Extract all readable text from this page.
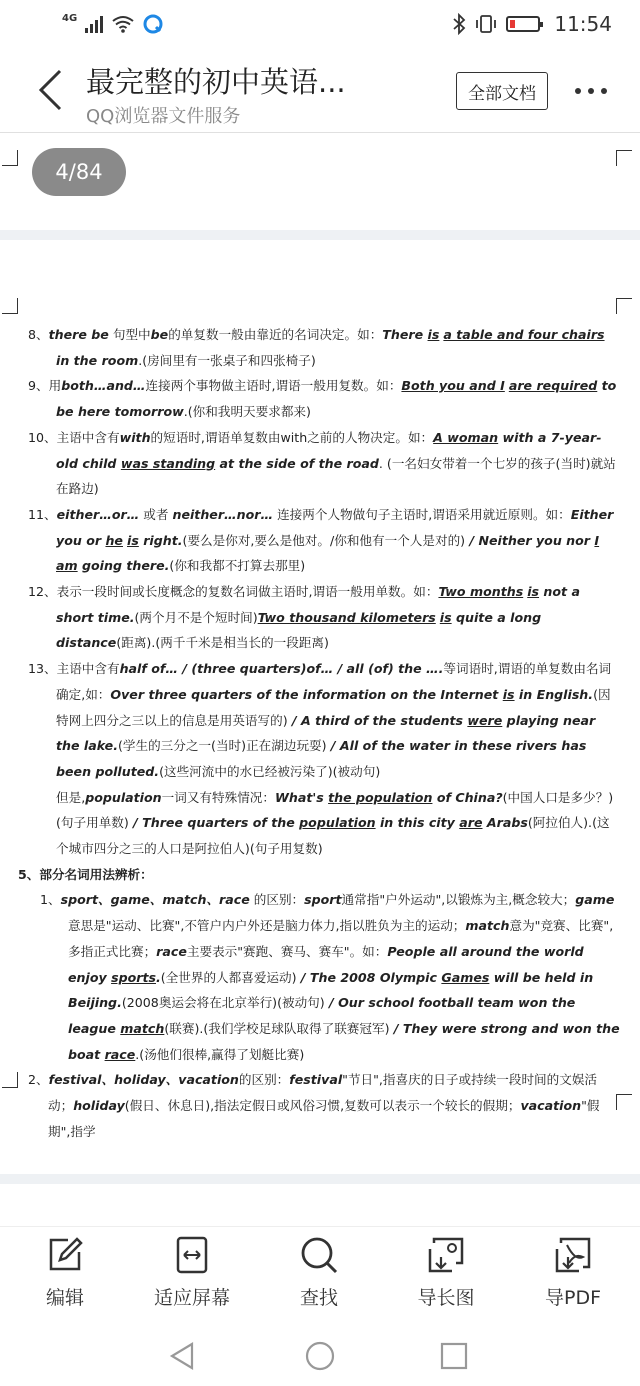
4G	11:54
最完整的初中英语...
QQ浏览器文件服务
全部文档
4/84

8、there be 句型中be的单复数一般由靠近的名词决定。如：There is a table and four chairs in the room.(房间里有一张桌子和四张椅子)

9、用both…and…连接两个事物做主语时,谓语一般用复数。如：Both you and I are required to be here tomorrow.(你和我明天要求都来)

10、主语中含有with的短语时,谓语单复数由with之前的人物决定。如：A woman with a 7-year-old child was standing at the side of the road. (一名妇女带着一个七岁的孩子(当时)就站在路边)

11、either…or… 或者 neither…nor… 连接两个人物做句子主语时,谓语采用就近原则。如：Either you or he is right.(要么是你对,要么是他对。/你和他有一个人是对的) / Neither you nor I am going there.(你和我都不打算去那里)

12、表示一段时间或长度概念的复数名词做主语时,谓语一般用单数。如：Two months is not a short time.(两个月不是个短时间)Two thousand kilometers is quite a long distance(距离).(两千千米是相当长的一段距离)

13、主语中含有half of… / (three quarters)of… / all (of) the ….等词语时,谓语的单复数由名词确定,如：Over three quarters of the information on the Internet is in English.(因特网上四分之三以上的信息是用英语写的) / A third of the students were playing near the lake.(学生的三分之一(当时)正在湖边玩耍) / All of the water in these rivers has been polluted.(这些河流中的水已经被污染了)(被动句)

但是,population一词又有特殊情况：What's the population of China?(中国人口是多少？)(句子用单数) / Three quarters of the population in this city are Arabs(阿拉伯人).(这个城市四分之三的人口是阿拉伯人)(句子用复数)

5、部分名词用法辨析：

1、sport、game、match、race 的区别：sport通常指"户外运动",以锻炼为主,概念较大；game意思是"运动、比赛",不管户内户外还是脑力体力,指以胜负为主的运动；match意为"竞赛、比赛",多指正式比赛；race主要表示"赛跑、赛马、赛车"。如：People all around the world enjoy sports.(全世界的人都喜爱运动) / The 2008 Olympic Games will be held in Beijing.(2008奥运会将在北京举行)(被动句) / Our school football team won the league match(联赛).(我们学校足球队取得了联赛冠军) / They were strong and won the boat race.(汤他们很棒,赢得了划艇比赛)

2、festival、holiday、vacation的区别：festival"节日",指喜庆的日子或持续一段时间的文娱活动；holiday(假日、休息日),指法定假日或风俗习惯,复数可以表示一个较长的假期；vacation"假期",指学

编辑	适应屏幕	查找	导长图	导PDF
